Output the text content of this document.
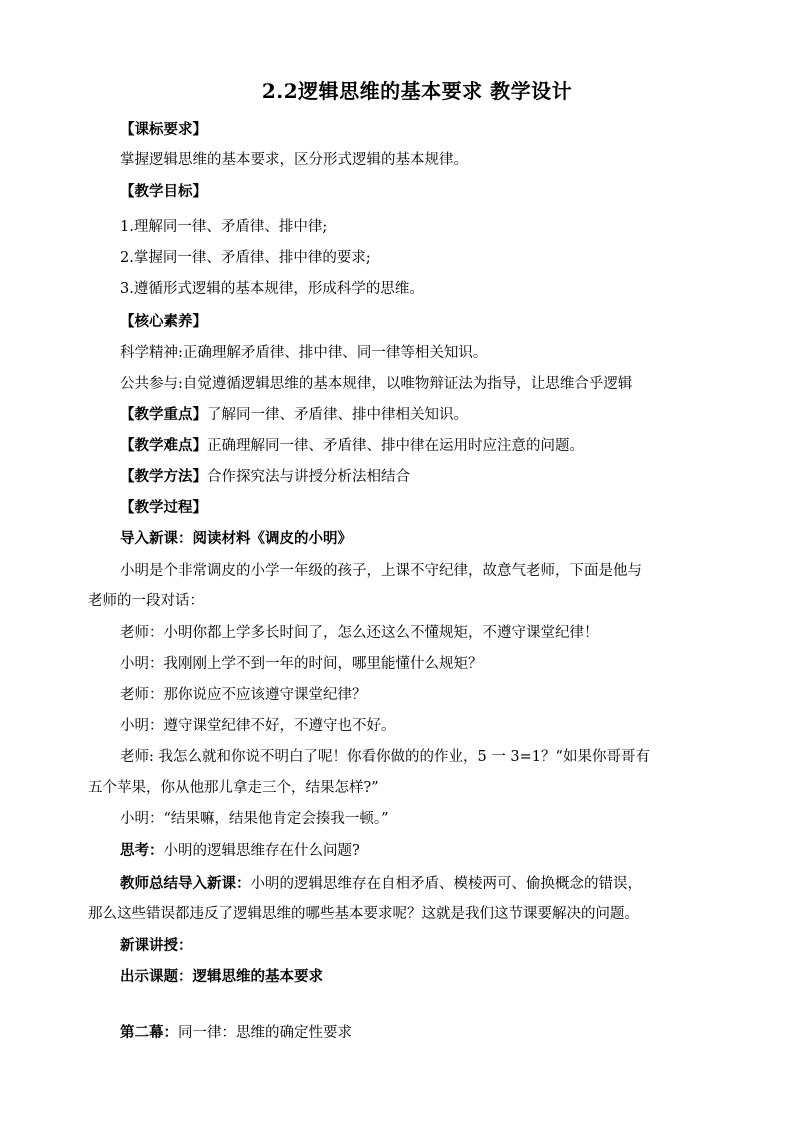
2.2逻辑思维的基本要求 教学设计
【课标要求】
掌握逻辑思维的基本要求，区分形式逻辑的基本规律。
【教学目标】
1.理解同一律、矛盾律、排中律;
2.掌握同一律、矛盾律、排中律的要求;
3.遵循形式逻辑的基本规律，形成科学的思维。
【核心素养】
科学精神:正确理解矛盾律、排中律、同一律等相关知识。
公共参与:自觉遵循逻辑思维的基本规律，以唯物辩证法为指导，让思维合乎逻辑
【教学重点】了解同一律、矛盾律、排中律相关知识。
【教学难点】正确理解同一律、矛盾律、排中律在运用时应注意的问题。
【教学方法】合作探究法与讲授分析法相结合
【教学过程】
导入新课：阅读材料《调皮的小明》
小明是个非常调皮的小学一年级的孩子，上课不守纪律，故意气老师，下面是他与
老师的一段对话：
老师：小明你都上学多长时间了，怎么还这么不懂规矩，不遵守课堂纪律！
小明：我刚刚上学不到一年的时间，哪里能懂什么规矩？
老师：那你说应不应该遵守课堂纪律？
小明：遵守课堂纪律不好，不遵守也不好。
老师: 我怎么就和你说不明白了呢！你看你做的的作业，5 一 3=1？“如果你哥哥有
五个苹果，你从他那儿拿走三个，结果怎样?”
小明：“结果嘛，结果他肯定会揍我一顿。”
思考：小明的逻辑思维存在什么问题?
教师总结导入新课：小明的逻辑思维存在自相矛盾、模棱两可、偷换概念的错误，
那么这些错误都违反了逻辑思维的哪些基本要求呢？这就是我们这节课要解决的问题。
新课讲授：
出示课题：逻辑思维的基本要求
第二幕：同一律：思维的确定性要求
